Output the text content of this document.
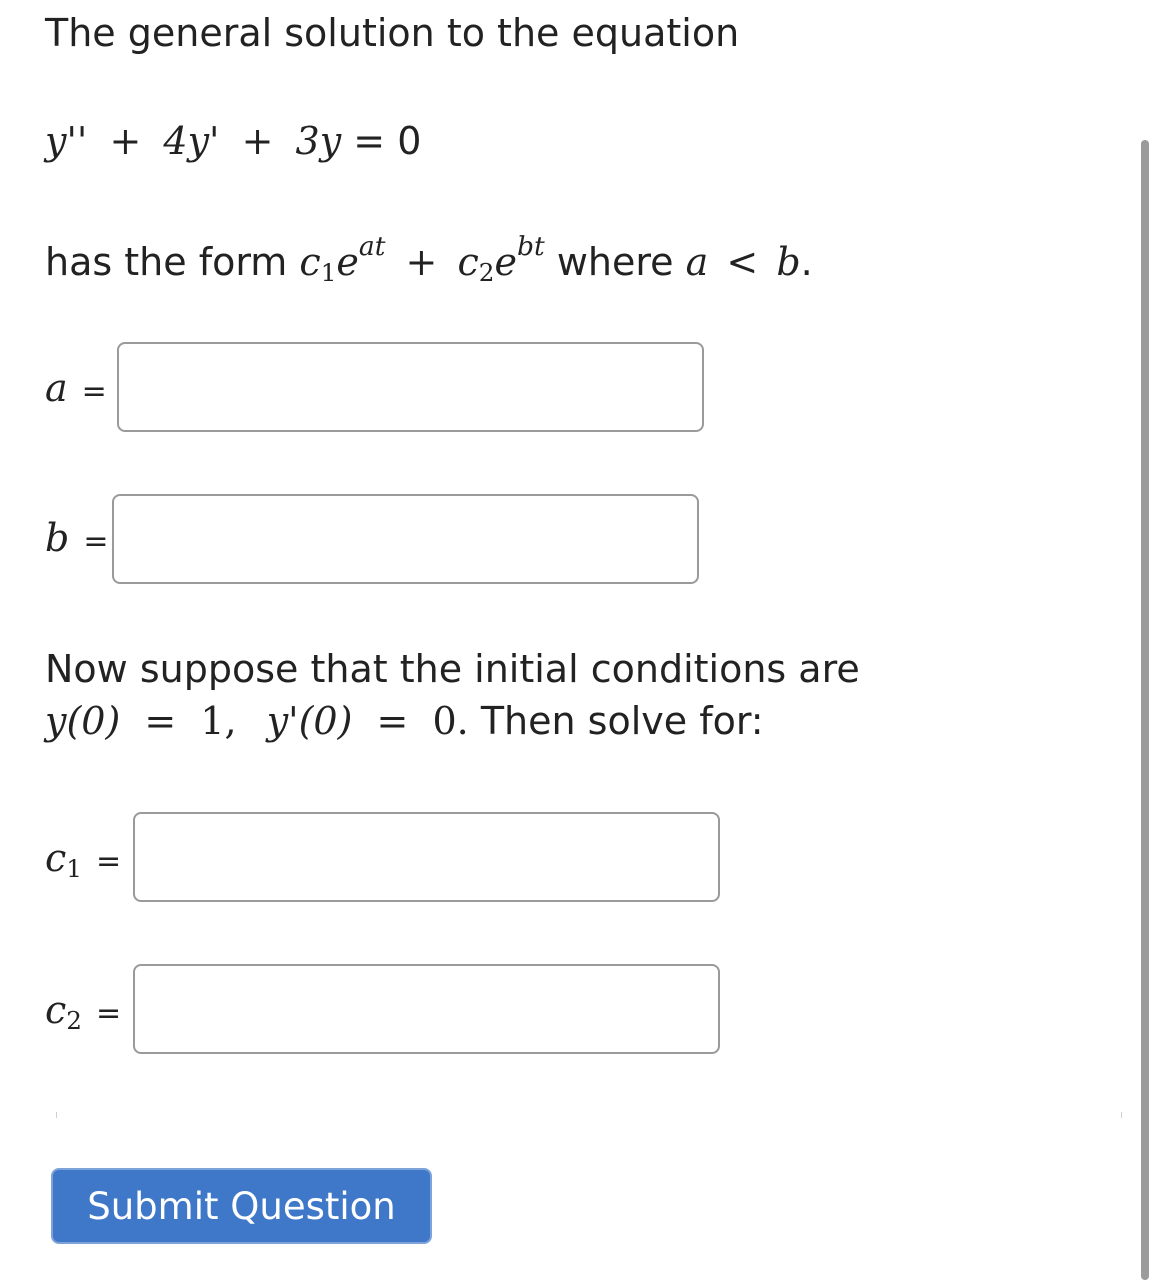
The general solution to the equation
y'' + 4y' + 3y = 0
has the form $c_1e^{at} + c_2e^{bt}$ where a < b.
a =
b =
Now suppose that the initial conditions are
y(0) = 1, y'(0) = 0. Then solve for:
$c_1$ =
$c_2$ =
Submit Question
